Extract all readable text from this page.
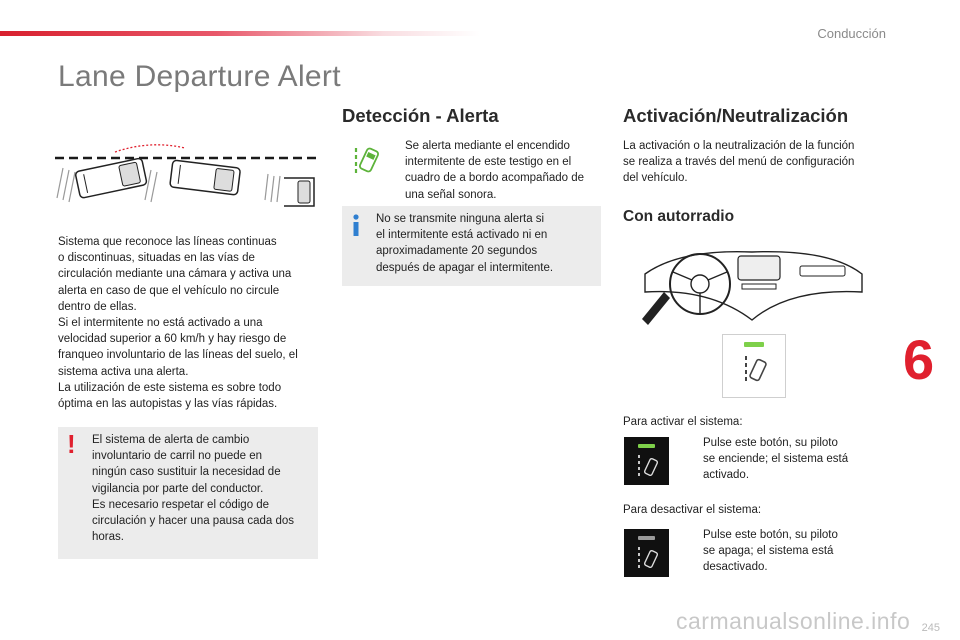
Conducción
Lane Departure Alert
Sistema que reconoce las líneas continuas
o discontinuas, situadas en las vías de
circulación mediante una cámara y activa una
alerta en caso de que el vehículo no circule
dentro de ellas.
Si el intermitente no está activado a una
velocidad superior a 60 km/h y hay riesgo de
franqueo involuntario de las líneas del suelo, el
sistema activa una alerta.
La utilización de este sistema es sobre todo
óptima en las autopistas y las vías rápidas.
! El sistema de alerta de cambio
involuntario de carril no puede en
ningún caso sustituir la necesidad de
vigilancia por parte del conductor.
Es necesario respetar el código de
circulación y hacer una pausa cada dos
horas.
Detección - Alerta
Se alerta mediante el encendido
intermitente de este testigo en el
cuadro de a bordo acompañado de
una señal sonora.
No se transmite ninguna alerta si
el intermitente está activado ni en
aproximadamente 20 segundos
después de apagar el intermitente.
Activación/Neutralización
La activación o la neutralización de la función
se realiza a través del menú de configuración
del vehículo.
Con autorradio
Para activar el sistema:
Pulse este botón, su piloto
se enciende; el sistema está
activado.
Para desactivar el sistema:
Pulse este botón, su piloto
se apaga; el sistema está
desactivado.
6
245
carmanualsonline.info
